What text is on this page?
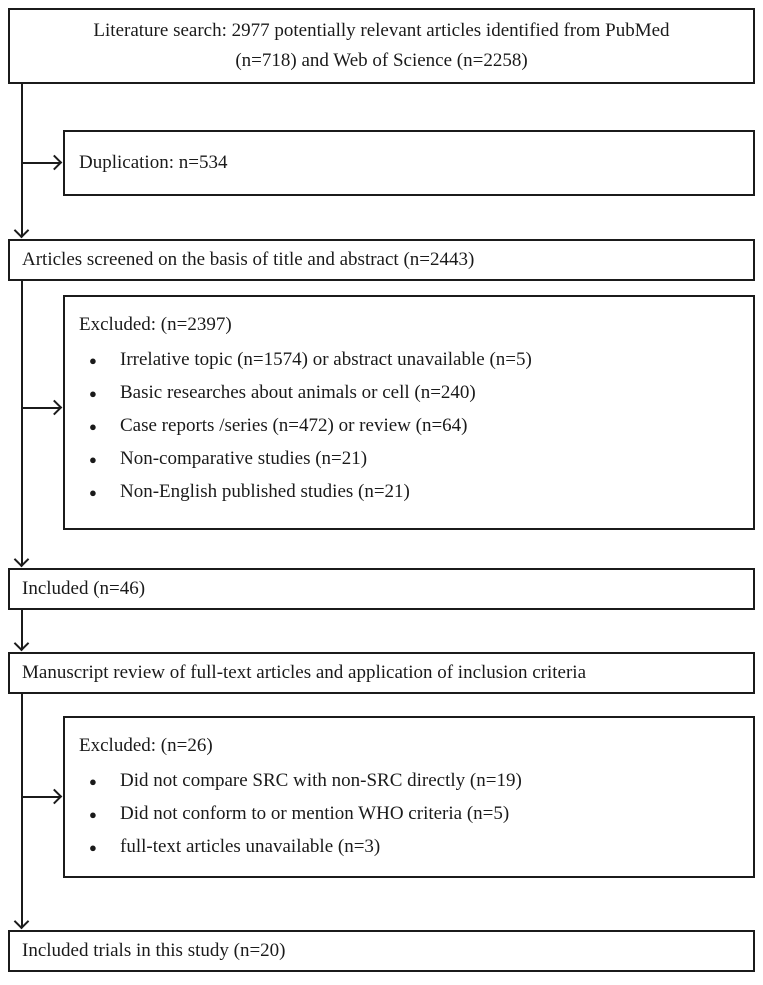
Literature search: 2977 potentially relevant articles identified from PubMed
(n=718) and Web of Science (n=2258)
Duplication: n=534
Articles screened on the basis of title and abstract (n=2443)
Excluded: (n=2397)
●	Irrelative topic (n=1574) or abstract unavailable (n=5)
●	Basic researches about animals or cell (n=240)
●	Case reports /series (n=472) or review (n=64)
●	Non-comparative studies (n=21)
●	Non-English published studies (n=21)
Included (n=46)
Manuscript review of full-text articles and application of inclusion criteria
Excluded: (n=26)
●	Did not compare SRC with non-SRC directly (n=19)
●	Did not conform to or mention WHO criteria (n=5)
●	full-text articles unavailable (n=3)
Included trials in this study (n=20)
